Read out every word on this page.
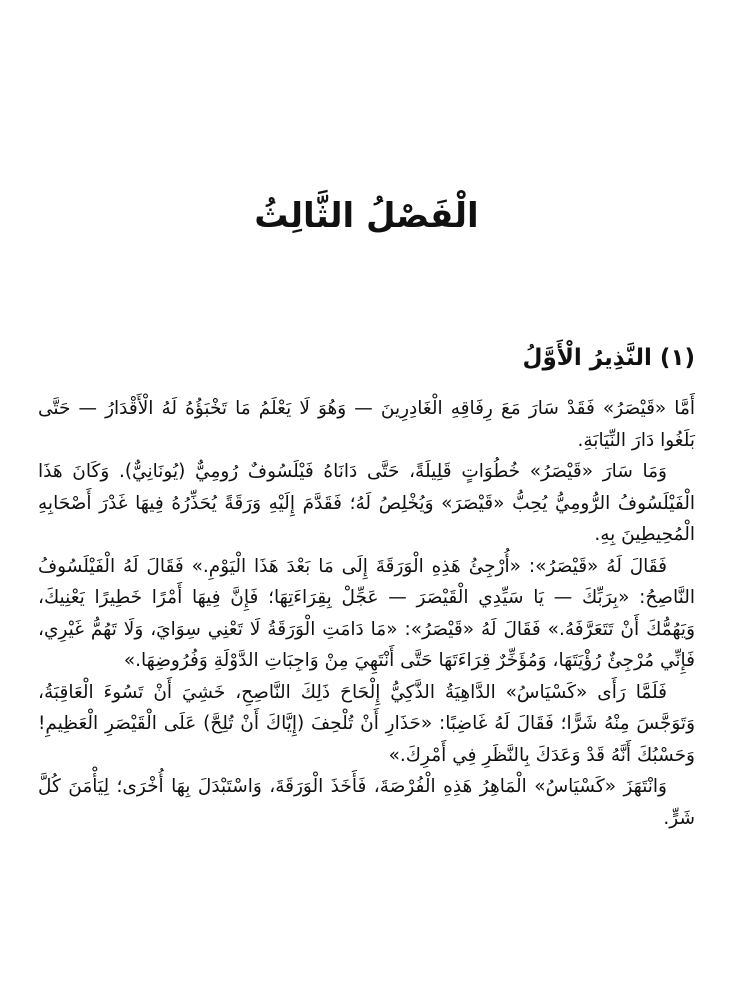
الْفَصْلُ الثَّالِثُ
(١) النَّذِيرُ الْأَوَّلُ

أَمَّا «قَيْصَرُ» فَقَدْ سَارَ مَعَ رِفَاقِهِ الْغَادِرِينَ — وَهُوَ لَا يَعْلَمُ مَا تَخْبَؤُهُ لَهُ الْأَقْدَارُ — حَتَّى بَلَغُوا دَارَ النِّيَابَةِ.

وَمَا سَارَ «قَيْصَرُ» خُطُوَاتٍ قَلِيلَةً، حَتَّى دَانَاهُ فَيْلَسُوفٌ رُومِيٌّ (يُونَانِيٌّ). وَكَانَ هَذَا الْفَيْلَسُوفُ الرُّومِيُّ يُحِبُّ «قَيْصَرَ» وَيُخْلِصُ لَهُ؛ فَقَدَّمَ إِلَيْهِ وَرَقَةً يُحَذِّرُهُ فِيهَا غَدْرَ أَصْحَابِهِ الْمُحِيطِينَ بِهِ.

فَقَالَ لَهُ «قَيْصَرُ»: «أُرْجِئُ هَذِهِ الْوَرَقَةَ إِلَى مَا بَعْدَ هَذَا الْيَوْمِ.» فَقَالَ لَهُ الْفَيْلَسُوفُ النَّاصِحُ: «بِرَبِّكَ — يَا سَيِّدِي الْقَيْصَرَ — عَجِّلْ بِقِرَاءَتِهَا؛ فَإِنَّ فِيهَا أَمْرًا خَطِيرًا يَعْنِيكَ، وَيَهُمُّكَ أَنْ تَتَعَرَّفَهُ.» فَقَالَ لَهُ «قَيْصَرُ»: «مَا دَامَتِ الْوَرَقَةُ لَا تَعْنِي سِوَايَ، وَلَا تَهُمُّ غَيْرِي، فَإِنِّي مُرْجِئٌ رُؤْيَتَهَا، وَمُؤَخِّرٌ قِرَاءَتَهَا حَتَّى أَنْتَهِيَ مِنْ وَاجِبَاتِ الدَّوْلَةِ وَفُرُوضِهَا.»

فَلَمَّا رَأَى «كَسْيَاسُ» الدَّاهِيَةُ الذَّكِيُّ إِلْحَاحَ ذَلِكَ النَّاصِحِ، خَشِيَ أَنْ تَسُوءَ الْعَاقِبَةُ، وَتَوَجَّسَ مِنْهُ شَرًّا؛ فَقَالَ لَهُ غَاضِبًا: «حَذَارِ أَنْ تُلْحِفَ (إِيَّاكَ أَنْ تُلِحَّ) عَلَى الْقَيْصَرِ الْعَظِيمِ! وَحَسْبُكَ أَنَّهُ قَدْ وَعَدَكَ بِالنَّظَرِ فِي أَمْرِكَ.»

وَانْتَهَزَ «كَسْيَاسُ» الْمَاهِرُ هَذِهِ الْفُرْصَةَ، فَأَخَذَ الْوَرَقَةَ، وَاسْتَبْدَلَ بِهَا أُخْرَى؛ لِيَأْمَنَ كُلَّ شَرٍّ.
